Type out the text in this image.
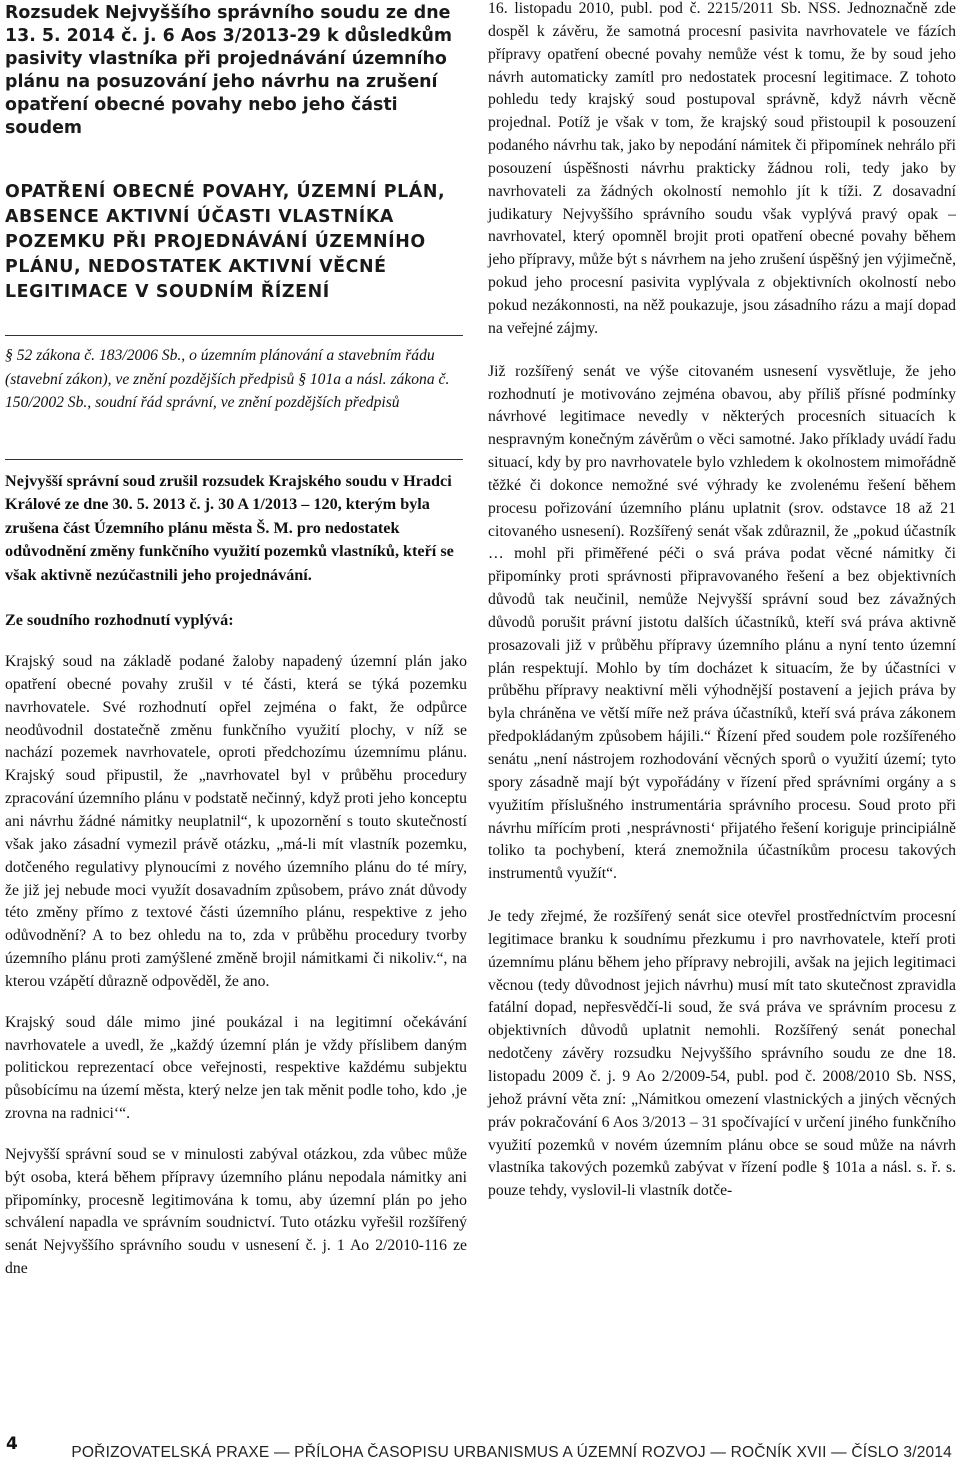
Rozsudek Nejvyššího správního soudu ze dne 13. 5. 2014 č. j. 6 Aos 3/2013-29 k důsledkům pasivity vlastníka při projednávání územního plánu na posuzování jeho návrhu na zrušení opatření obecné povahy nebo jeho části soudem
OPATŘENÍ OBECNÉ POVAHY, ÚZEMNÍ PLÁN, ABSENCE AKTIVNÍ ÚČASTI VLASTNÍKA POZEMKU PŘI PROJEDNÁVÁNÍ ÚZEMNÍHO PLÁNU, NEDOSTATEK AKTIVNÍ VĚCNÉ LEGITIMACE V SOUDNÍM ŘÍZENÍ

§ 52 zákona č. 183/2006 Sb., o územním plánování a stavebním řádu (stavební zákon), ve znění pozdějších předpisů § 101a a násl. zákona č. 150/2002 Sb., soudní řád správní, ve znění pozdějších předpisů

Nejvyšší správní soud zrušil rozsudek Krajského soudu v Hradci Králové ze dne 30. 5. 2013 č. j. 30 A 1/2013 – 120, kterým byla zrušena část Územního plánu města Š. M. pro nedostatek odůvodnění změny funkčního využití pozemků vlastníků, kteří se však aktivně nezúčastnili jeho projednávání.

Ze soudního rozhodnutí vyplývá:

Krajský soud na základě podané žaloby napadený územní plán jako opatření obecné povahy zrušil v té části, která se týká pozemku navrhovatele. Své rozhodnutí opřel zejména o fakt, že odpůrce neodůvodnil dostatečně změnu funkčního využití plochy, v níž se nachází pozemek navrhovatele, oproti předchozímu územnímu plánu. Krajský soud připustil, že „navrhovatel byl v průběhu procedury zpracování územního plánu v podstatě nečinný, když proti jeho konceptu ani návrhu žádné námitky neuplatnil“, k upozornění s touto skutečností však jako zásadní vymezil právě otázku, „má-li mít vlastník pozemku, dotčeného regulativy plynoucími z nového územního plánu do té míry, že již jej nebude moci využít dosavadním způsobem, právo znát důvody této změny přímo z textové části územního plánu, respektive z jeho odůvodnění? A to bez ohledu na to, zda v průběhu procedury tvorby územního plánu proti zamýšlené změně brojil námitkami či nikoliv.“, na kterou vzápětí důrazně odpověděl, že ano.

Krajský soud dále mimo jiné poukázal i na legitimní očekávání navrhovatele a uvedl, že „každý územní plán je vždy příslibem daným politickou reprezentací obce veřejnosti, respektive každému subjektu působícímu na území města, který nelze jen tak měnit podle toho, kdo ‚je zrovna na radnici‘“.

Nejvyšší správní soud se v minulosti zabýval otázkou, zda vůbec může být osoba, která během přípravy územního plánu nepodala námitky ani připomínky, procesně legitimována k tomu, aby územní plán po jeho schválení napadla ve správním soudnictví. Tuto otázku vyřešil rozšířený senát Nejvyššího správního soudu v usnesení č. j. 1 Ao 2/2010-116 ze dne

16. listopadu 2010, publ. pod č. 2215/2011 Sb. NSS. Jednoznačně zde dospěl k závěru, že samotná procesní pasivita navrhovatele ve fázích přípravy opatření obecné povahy nemůže vést k tomu, že by soud jeho návrh automaticky zamítl pro nedostatek procesní legitimace. Z tohoto pohledu tedy krajský soud postupoval správně, když návrh věcně projednal. Potíž je však v tom, že krajský soud přistoupil k posouzení podaného návrhu tak, jako by nepodání námitek či připomínek nehrálo při posouzení úspěšnosti návrhu prakticky žádnou roli, tedy jako by navrhovateli za žádných okolností nemohlo jít k tíži. Z dosavadní judikatury Nejvyššího správního soudu však vyplývá pravý opak – navrhovatel, který opomněl brojit proti opatření obecné povahy během jeho přípravy, může být s návrhem na jeho zrušení úspěšný jen výjimečně, pokud jeho procesní pasivita vyplývala z objektivních okolností nebo pokud nezákonnosti, na něž poukazuje, jsou zásadního rázu a mají dopad na veřejné zájmy.

Již rozšířený senát ve výše citovaném usnesení vysvětluje, že jeho rozhodnutí je motivováno zejména obavou, aby příliš přísné podmínky návrhové legitimace nevedly v některých procesních situacích k nespravným konečným závěrům o věci samotné. Jako příklady uvádí řadu situací, kdy by pro navrhovatele bylo vzhledem k okolnostem mimořádně těžké či dokonce nemožné své výhrady ke zvolenému řešení během procesu pořizování územního plánu uplatnit (srov. odstavce 18 až 21 citovaného usnesení). Rozšířený senát však zdůraznil, že „pokud účastník … mohl při přiměřené péči o svá práva podat věcné námitky či připomínky proti správnosti připravovaného řešení a bez objektivních důvodů tak neučinil, nemůže Nejvyšší správní soud bez závažných důvodů porušit právní jistotu dalších účastníků, kteří svá práva aktivně prosazovali již v průběhu přípravy územního plánu a nyní tento územní plán respektují. Mohlo by tím docházet k situacím, že by účastníci v průběhu přípravy neaktivní měli výhodnější postavení a jejich práva by byla chráněna ve větší míře než práva účastníků, kteří svá práva zákonem předpokládaným způsobem hájili.“ Řízení před soudem pole rozšířeného senátu „není nástrojem rozhodování věcných sporů o využití území; tyto spory zásadně mají být vypořádány v řízení před správními orgány a s využitím příslušného instrumentária správního procesu. Soud proto při návrhu mířícím proti ‚nesprávnosti‘ přijatého řešení koriguje principiálně toliko ta pochybení, která znemožnila účastníkům procesu takových instrumentů využít“.

Je tedy zřejmé, že rozšířený senát sice otevřel prostředníctvím procesní legitimace branku k soudnímu přezkumu i pro navrhovatele, kteří proti územnímu plánu během jeho přípravy nebrojili, avšak na jejich legitimaci věcnou (tedy důvodnost jejich návrhu) musí mít tato skutečnost zpravidla fatální dopad, nepřesvědčí-li soud, že svá práva ve správním procesu z objektivních důvodů uplatnit nemohli. Rozšířený senát ponechal nedotčeny závěry rozsudku Nejvyššího správního soudu ze dne 18. listopadu 2009 č. j. 9 Ao 2/2009-54, publ. pod č. 2008/2010 Sb. NSS, jehož právní věta zní: „Námitkou omezení vlastnických a jiných věcných práv pokračování 6 Aos 3/2013 – 31 spočívající v určení jiného funkčního využití pozemků v novém územním plánu obce se soud může na návrh vlastníka takových pozemků zabývat v řízení podle § 101a a násl. s. ř. s. pouze tehdy, vyslovil-li vlastník dotče-

4	POŘIZOVATELSKÁ PRAXE — PŘÍLOHA ČASOPISU URBANISMUS A ÚZEMNÍ ROZVOJ — ROČNÍK XVII — ČÍSLO 3/2014
